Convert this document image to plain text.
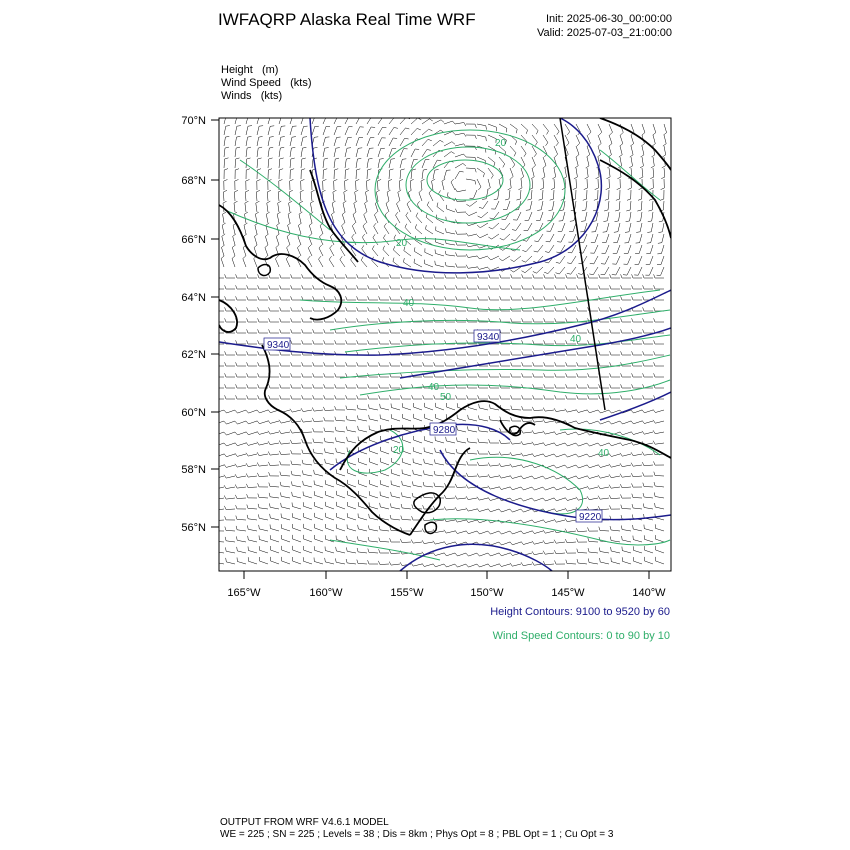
IWFAQRP Alaska Real Time WRF	Init: 2025-06-30_00:00:00
Valid: 2025-07-03_21:00:00
Height (m)
Wind Speed (kts)
Winds (kts)
9340
9340
9280
9220
20
20
40
40
40
40
20
50
70°N
68°N
66°N
64°N
62°N
60°N
58°N
56°N
165°W	160°W	155°W	150°W	145°W	140°W
Height Contours: 9100 to 9520 by 60
Wind Speed Contours: 0 to 90 by 10
OUTPUT FROM WRF V4.6.1 MODEL
WE = 225 ; SN = 225 ; Levels = 38 ; Dis = 8km ; Phys Opt = 8 ; PBL Opt = 1 ; Cu Opt = 3
